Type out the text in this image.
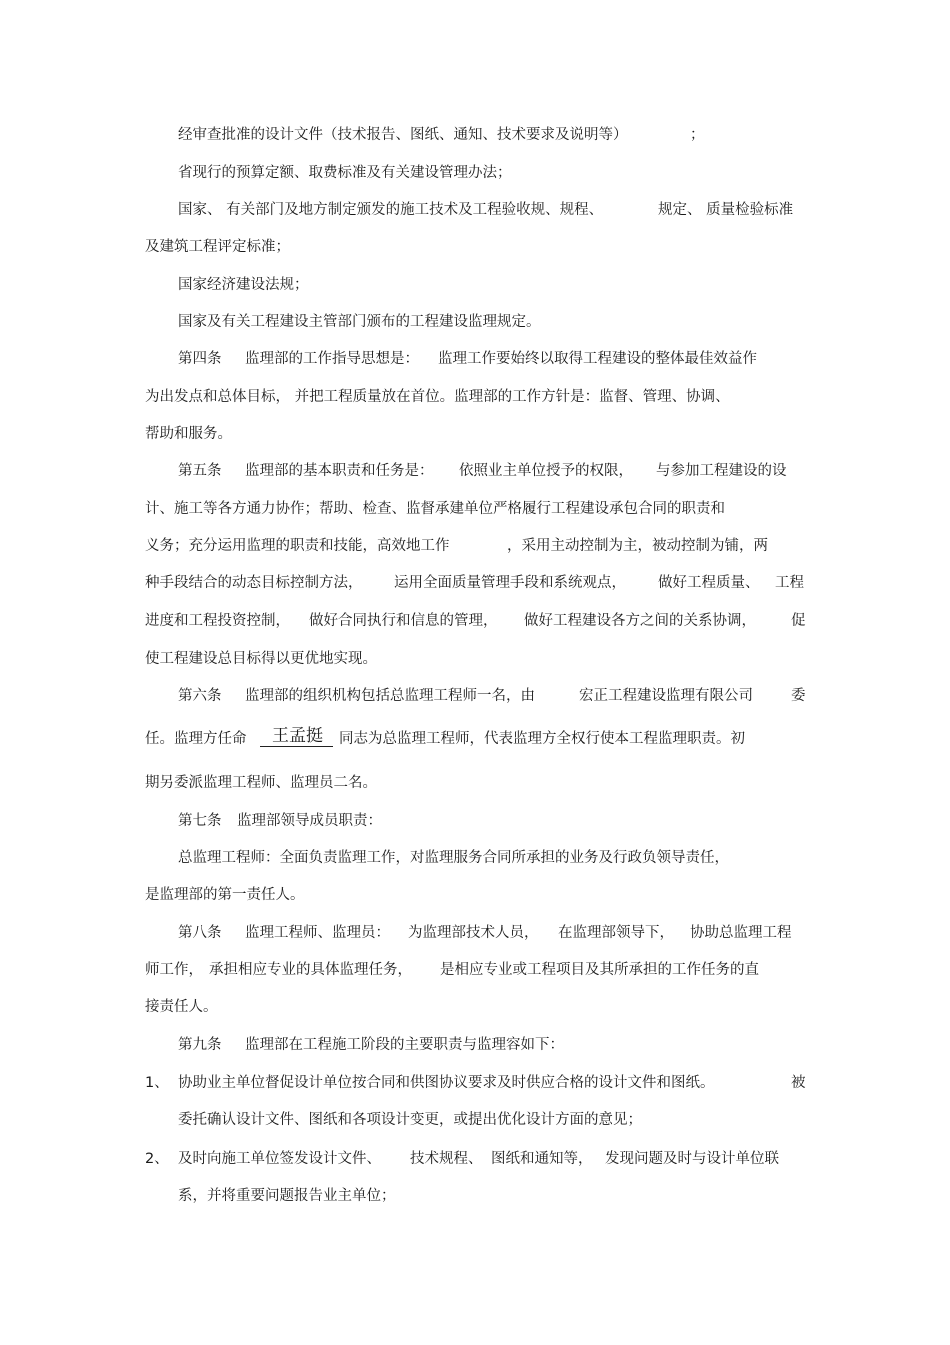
经审查批准的设计文件（技术报告、图纸、通知、技术要求及说明等）	；
省现行的预算定额、取费标准及有关建设管理办法；
国家、 有关部门及地方制定颁发的施工技术及工程验收规、规程、	规定、 质量检验标准
及建筑工程评定标准；
国家经济建设法规；
国家及有关工程建设主管部门颁布的工程建设监理规定。
第四条 监理部的工作指导思想是： 监理工作要始终以取得工程建设的整体最佳效益作
为出发点和总体目标， 并把工程质量放在首位。监理部的工作方针是：监督、管理、协调、
帮助和服务。
第五条 监理部的基本职责和任务是： 依照业主单位授予的权限， 与参加工程建设的设
计、施工等各方通力协作；帮助、检查、监督承建单位严格履行工程建设承包合同的职责和
义务；充分运用监理的职责和技能，高效地工作	，采用主动控制为主，被动控制为铺，两
种手段结合的动态目标控制方法， 运用全面质量管理手段和系统观点， 做好工程质量、 工程
进度和工程投资控制， 做好合同执行和信息的管理， 做好工程建设各方之间的关系协调， 促
使工程建设总目标得以更优地实现。
第六条 监理部的组织机构包括总监理工程师一名，由	宏正工程建设监理有限公司	委
任。监理方任命	王孟挺	同志为总监理工程师，代表监理方全权行使本工程监理职责。初
期另委派监理工程师、监理员二名。
第七条 监理部领导成员职责：
总监理工程师：全面负责监理工作，对监理服务合同所承担的业务及行政负领导责任，
是监理部的第一责任人。
第八条 监理工程师、监理员： 为监理部技术人员， 在监理部领导下， 协助总监理工程
师工作， 承担相应专业的具体监理任务， 是相应专业或工程项目及其所承担的工作任务的直
接责任人。
第九条 监理部在工程施工阶段的主要职责与监理容如下：
1、 协助业主单位督促设计单位按合同和供图协议要求及时供应合格的设计文件和图纸。	被
委托确认设计文件、图纸和各项设计变更，或提出优化设计方面的意见；
2、 及时向施工单位签发设计文件、 技术规程、 图纸和通知等， 发现问题及时与设计单位联
系，并将重要问题报告业主单位；
